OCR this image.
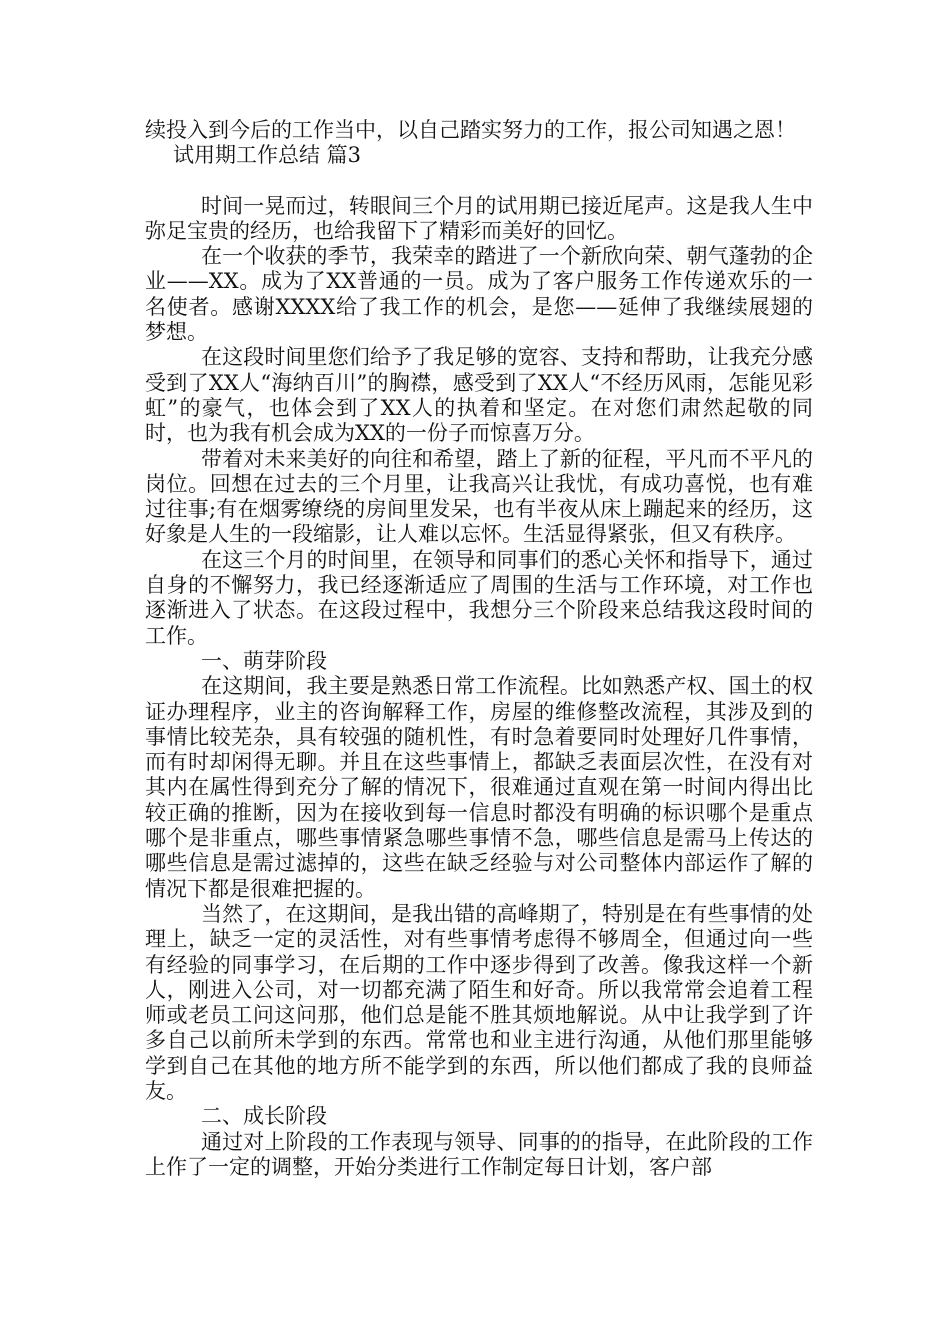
续投入到今后的工作当中，以自己踏实努力的工作，报公司知遇之恩！

试用期工作总结 篇3

时间一晃而过，转眼间三个月的试用期已接近尾声。这是我人生中弥足宝贵的经历，也给我留下了精彩而美好的回忆。

在一个收获的季节，我荣幸的踏进了一个新欣向荣、朝气蓬勃的企业——XX。成为了XX普通的一员。成为了客户服务工作传递欢乐的一名使者。感谢XXXX给了我工作的机会，是您——延伸了我继续展翅的梦想。

在这段时间里您们给予了我足够的宽容、支持和帮助，让我充分感受到了XX人“海纳百川”的胸襟，感受到了XX人“不经历风雨，怎能见彩虹”的豪气，也体会到了XX人的执着和坚定。在对您们肃然起敬的同时，也为我有机会成为XX的一份子而惊喜万分。

带着对未来美好的向往和希望，踏上了新的征程，平凡而不平凡的岗位。回想在过去的三个月里，让我高兴让我忧，有成功喜悦，也有难过往事;有在烟雾缭绕的房间里发呆，也有半夜从床上蹦起来的经历，这好象是人生的一段缩影，让人难以忘怀。生活显得紧张，但又有秩序。

在这三个月的时间里，在领导和同事们的悉心关怀和指导下，通过自身的不懈努力，我已经逐渐适应了周围的生活与工作环境，对工作也逐渐进入了状态。在这段过程中，我想分三个阶段来总结我这段时间的工作。

一、萌芽阶段

在这期间，我主要是熟悉日常工作流程。比如熟悉产权、国土的权证办理程序，业主的咨询解释工作，房屋的维修整改流程，其涉及到的事情比较芜杂，具有较强的随机性，有时急着要同时处理好几件事情，而有时却闲得无聊。并且在这些事情上，都缺乏表面层次性，在没有对其内在属性得到充分了解的情况下，很难通过直观在第一时间内得出比较正确的推断，因为在接收到每一信息时都没有明确的标识哪个是重点哪个是非重点，哪些事情紧急哪些事情不急，哪些信息是需马上传达的哪些信息是需过滤掉的，这些在缺乏经验与对公司整体内部运作了解的情况下都是很难把握的。

当然了，在这期间，是我出错的高峰期了，特别是在有些事情的处理上，缺乏一定的灵活性，对有些事情考虑得不够周全，但通过向一些有经验的同事学习，在后期的工作中逐步得到了改善。像我这样一个新人，刚进入公司，对一切都充满了陌生和好奇。所以我常常会追着工程师或老员工问这问那，他们总是能不胜其烦地解说。从中让我学到了许多自己以前所未学到的东西。常常也和业主进行沟通，从他们那里能够学到自己在其他的地方所不能学到的东西，所以他们都成了我的良师益友。

二、成长阶段

通过对上阶段的工作表现与领导、同事的的指导，在此阶段的工作上作了一定的调整，开始分类进行工作制定每日计划，客户部
